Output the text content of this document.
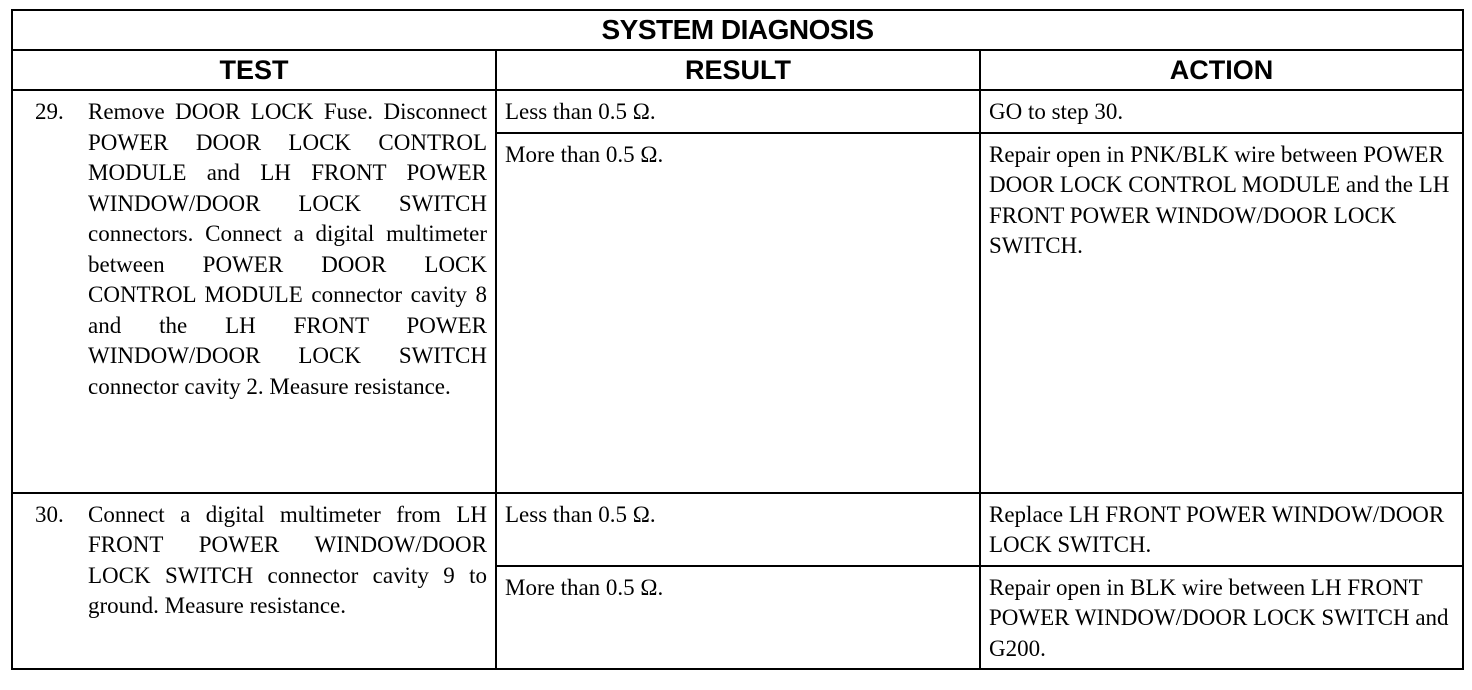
SYSTEM DIAGNOSIS		
TEST	RESULT	ACTION

29. Remove DOOR LOCK Fuse. Disconnect POWER DOOR LOCK CONTROL MODULE and LH FRONT POWER WINDOW/DOOR LOCK SWITCH connectors. Connect a digital multimeter between POWER DOOR LOCK CONTROL MODULE connector cavity 8 and the LH FRONT POWER WINDOW/DOOR LOCK SWITCH connector cavity 2. Measure resistance.	Less than 0.5 Ω.	GO to step 30.
	More than 0.5 Ω.	Repair open in PNK/BLK wire between POWER DOOR LOCK CONTROL MODULE and the LH FRONT POWER WINDOW/DOOR LOCK SWITCH.

30. Connect a digital multimeter from LH FRONT POWER WINDOW/DOOR LOCK SWITCH connector cavity 9 to ground. Measure resistance.	Less than 0.5 Ω.	Replace LH FRONT POWER WINDOW/DOOR LOCK SWITCH.
	More than 0.5 Ω.	Repair open in BLK wire between LH FRONT POWER WINDOW/DOOR LOCK SWITCH and G200.
